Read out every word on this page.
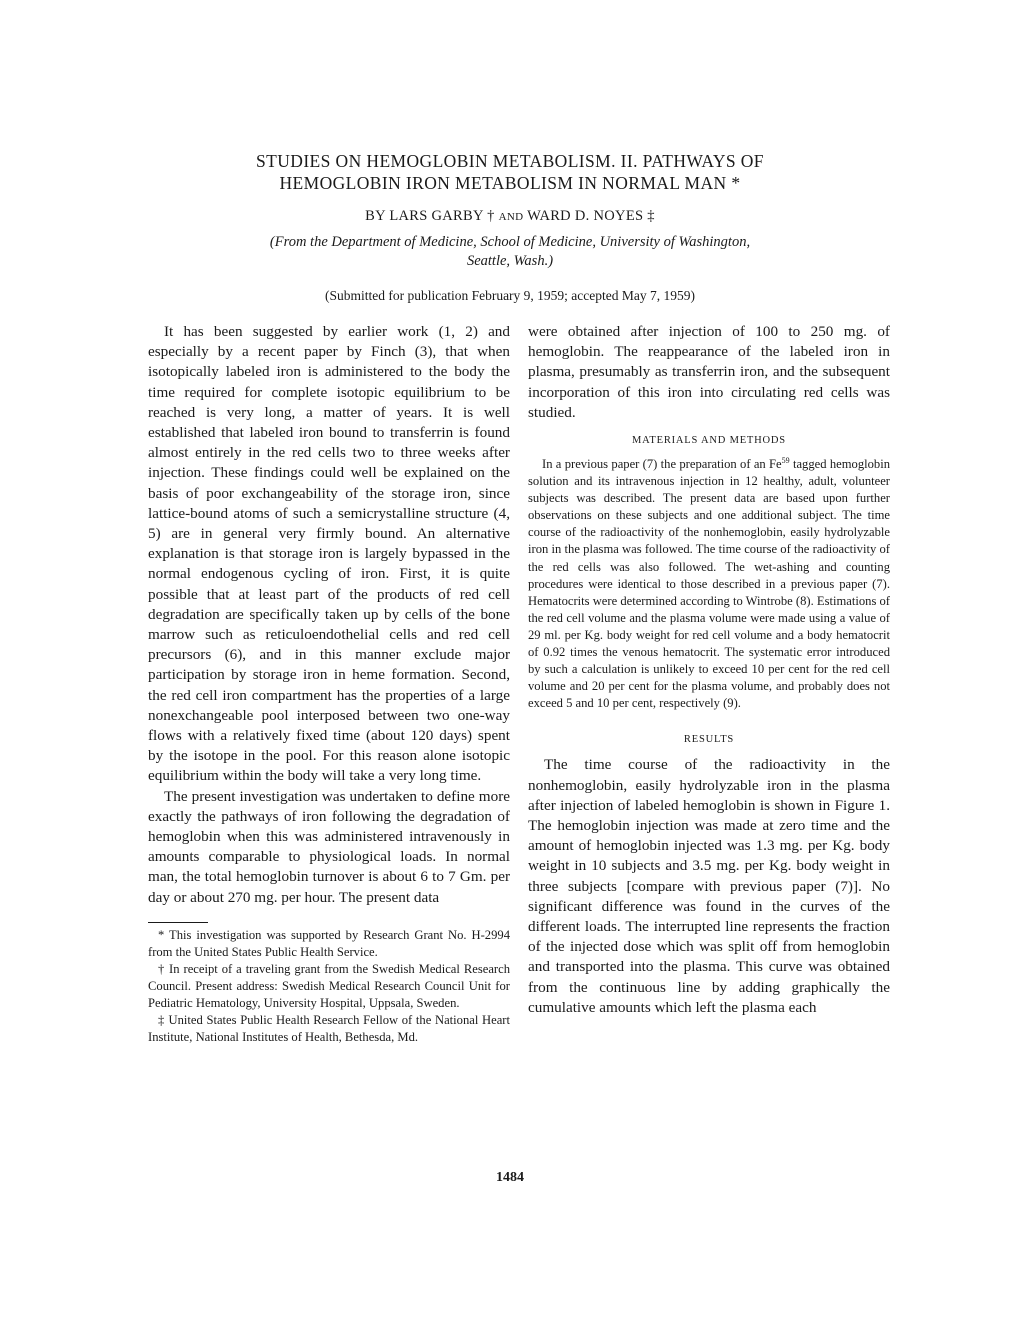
STUDIES ON HEMOGLOBIN METABOLISM. II. PATHWAYS OF
HEMOGLOBIN IRON METABOLISM IN NORMAL MAN *
BY LARS GARBY † AND WARD D. NOYES ‡
(From the Department of Medicine, School of Medicine, University of Washington,
Seattle, Wash.)
(Submitted for publication February 9, 1959; accepted May 7, 1959)

It has been suggested by earlier work (1, 2) and especially by a recent paper by Finch (3), that when isotopically labeled iron is administered to the body the time required for complete isotopic equilibrium to be reached is very long, a matter of years. It is well established that labeled iron bound to transferrin is found almost entirely in the red cells two to three weeks after injection. These findings could well be explained on the basis of poor exchangeability of the storage iron, since lattice-bound atoms of such a semicrystalline structure (4, 5) are in general very firmly bound. An alternative explanation is that storage iron is largely bypassed in the normal endogenous cycling of iron. First, it is quite possible that at least part of the products of red cell degradation are specifically taken up by cells of the bone marrow such as reticuloendothelial cells and red cell precursors (6), and in this manner exclude major participation by storage iron in heme formation. Second, the red cell iron compartment has the properties of a large nonexchangeable pool interposed between two one-way flows with a relatively fixed time (about 120 days) spent by the isotope in the pool. For this reason alone isotopic equilibrium within the body will take a very long time.

The present investigation was undertaken to define more exactly the pathways of iron following the degradation of hemoglobin when this was administered intravenously in amounts comparable to physiological loads. In normal man, the total hemoglobin turnover is about 6 to 7 Gm. per day or about 270 mg. per hour. The present data

* This investigation was supported by Research Grant No. H-2994 from the United States Public Health Service.

† In receipt of a traveling grant from the Swedish Medical Research Council. Present address: Swedish Medical Research Council Unit for Pediatric Hematology, University Hospital, Uppsala, Sweden.

‡ United States Public Health Research Fellow of the National Heart Institute, National Institutes of Health, Bethesda, Md.

were obtained after injection of 100 to 250 mg. of hemoglobin. The reappearance of the labeled iron in plasma, presumably as transferrin iron, and the subsequent incorporation of this iron into circulating red cells was studied.

MATERIALS AND METHODS

In a previous paper (7) the preparation of an Fe$^{59}$ tagged hemoglobin solution and its intravenous injection in 12 healthy, adult, volunteer subjects was described. The present data are based upon further observations on these subjects and one additional subject. The time course of the radioactivity of the nonhemoglobin, easily hydrolyzable iron in the plasma was followed. The time course of the radioactivity of the red cells was also followed. The wet-ashing and counting procedures were identical to those described in a previous paper (7). Hematocrits were determined according to Wintrobe (8). Estimations of the red cell volume and the plasma volume were made using a value of 29 ml. per Kg. body weight for red cell volume and a body hematocrit of 0.92 times the venous hematocrit. The systematic error introduced by such a calculation is unlikely to exceed 10 per cent for the red cell volume and 20 per cent for the plasma volume, and probably does not exceed 5 and 10 per cent, respectively (9).

RESULTS

The time course of the radioactivity in the nonhemoglobin, easily hydrolyzable iron in the plasma after injection of labeled hemoglobin is shown in Figure 1. The hemoglobin injection was made at zero time and the amount of hemoglobin injected was 1.3 mg. per Kg. body weight in 10 subjects and 3.5 mg. per Kg. body weight in three subjects [compare with previous paper (7)]. No significant difference was found in the curves of the different loads. The interrupted line represents the fraction of the injected dose which was split off from hemoglobin and transported into the plasma. This curve was obtained from the continuous line by adding graphically the cumulative amounts which left the plasma each

1484
